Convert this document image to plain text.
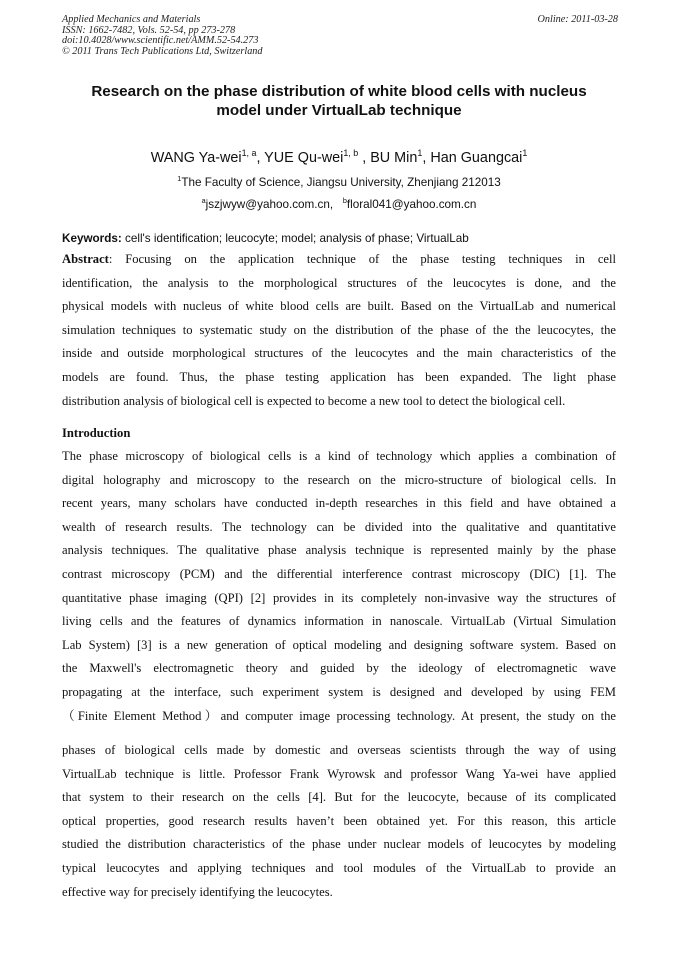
Applied Mechanics and Materials
ISSN: 1662-7482, Vols. 52-54, pp 273-278
doi:10.4028/www.scientific.net/AMM.52-54.273
© 2011 Trans Tech Publications Ltd, Switzerland
Online: 2011-03-28
Research on the phase distribution of white blood cells with nucleus
model under VirtualLab technique
WANG Ya-wei$^{1, a}$, YUE Qu-wei$^{1, b}$ , BU Min$^1$, Han Guangcai$^1$
$^1$The Faculty of Science, Jiangsu University, Zhenjiang 212013
$^a$jszjwyw@yahoo.com.cn, $^b$floral041@yahoo.com.cn
Keywords: cell's identification; leucocyte; model; analysis of phase; VirtualLab
Abstract: Focusing on the application technique of the phase testing techniques in cell
identification, the analysis to the morphological structures of the leucocytes is done, and the
physical models with nucleus of white blood cells are built. Based on the VirtualLab and numerical
simulation techniques to systematic study on the distribution of the phase of the the leucocytes, the
inside and outside morphological structures of the leucocytes and the main characteristics of the
models are found. Thus, the phase testing application has been expanded. The light phase
distribution analysis of biological cell is expected to become a new tool to detect the biological cell.
Introduction
The phase microscopy of biological cells is a kind of technology which applies a combination of
digital holography and microscopy to the research on the micro-structure of biological cells. In
recent years, many scholars have conducted in-depth researches in this field and have obtained a
wealth of research results. The technology can be divided into the qualitative and quantitative
analysis techniques. The qualitative phase analysis technique is represented mainly by the phase
contrast microscopy (PCM) and the differential interference contrast microscopy (DIC) [1]. The
quantitative phase imaging (QPI) [2] provides in its completely non-invasive way the structures of
living cells and the features of dynamics information in nanoscale. VirtualLab (Virtual Simulation
Lab System) [3] is a new generation of optical modeling and designing software system. Based on
the Maxwell's electromagnetic theory and guided by the ideology of electromagnetic wave
propagating at the interface, such experiment system is designed and developed by using FEM
（Finite Element Method）and computer image processing technology. At present, the study on the
phases of biological cells made by domestic and overseas scientists through the way of using
VirtualLab technique is little. Professor Frank Wyrowsk and professor Wang Ya-wei have applied
that system to their research on the cells [4]. But for the leucocyte, because of its complicated
optical properties, good research results haven’t been obtained yet. For this reason, this article
studied the distribution characteristics of the phase under nuclear models of leucocytes by modeling
typical leucocytes and applying techniques and tool modules of the VirtualLab to provide an
effective way for precisely identifying the leucocytes.
